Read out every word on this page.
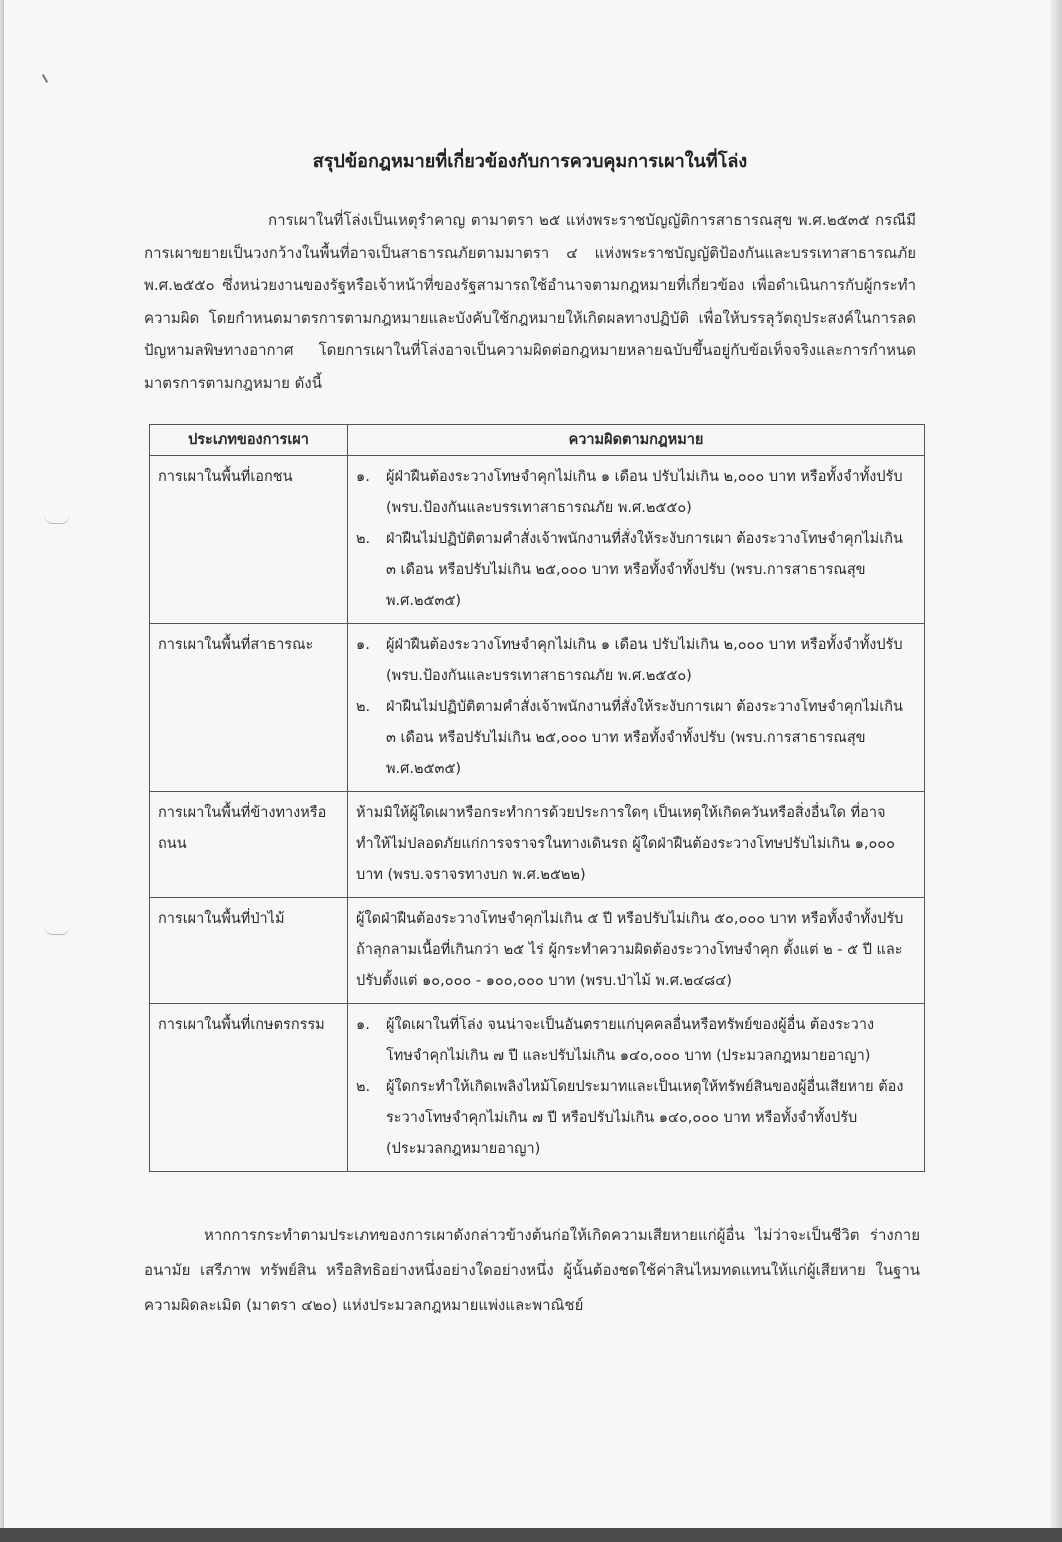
สรุปข้อกฎหมายที่เกี่ยวข้องกับการควบคุมการเผาในที่โล่ง

การเผาในที่โล่งเป็นเหตุรำคาญ ตามาตรา ๒๕ แห่งพระราชบัญญัติการสาธารณสุข พ.ศ.๒๕๓๕ กรณีมีการเผาขยายเป็นวงกว้างในพื้นที่อาจเป็นสาธารณภัยตามมาตรา ๔ แห่งพระราชบัญญัติป้องกันและบรรเทาสาธารณภัย พ.ศ.๒๕๕๐ ซึ่งหน่วยงานของรัฐหรือเจ้าหน้าที่ของรัฐสามารถใช้อำนาจตามกฎหมายที่เกี่ยวข้อง เพื่อดำเนินการกับผู้กระทำความผิด โดยกำหนดมาตรการตามกฎหมายและบังคับใช้กฎหมายให้เกิดผลทางปฏิบัติ เพื่อให้บรรลุวัตถุประสงค์ในการลดปัญหามลพิษทางอากาศ โดยการเผาในที่โล่งอาจเป็นความผิดต่อกฎหมายหลายฉบับขึ้นอยู่กับข้อเท็จจริงและการกำหนดมาตรการตามกฎหมาย ดังนี้

ประเภทของการเผา	ความผิดตามกฎหมาย
การเผาในพื้นที่เอกชน	๑. ผู้ฝ่าฝืนต้องระวางโทษจำคุกไม่เกิน ๑ เดือน ปรับไม่เกิน ๒,๐๐๐ บาท หรือทั้งจำทั้งปรับ (พรบ.ป้องกันและบรรเทาสาธารณภัย พ.ศ.๒๕๕๐)
๒. ฝ่าฝืนไม่ปฏิบัติตามคำสั่งเจ้าพนักงานที่สั่งให้ระงับการเผา ต้องระวางโทษจำคุกไม่เกิน ๓ เดือน หรือปรับไม่เกิน ๒๕,๐๐๐ บาท หรือทั้งจำทั้งปรับ (พรบ.การสาธารณสุข พ.ศ.๒๕๓๕)

การเผาในพื้นที่สาธารณะ	๑. ผู้ฝ่าฝืนต้องระวางโทษจำคุกไม่เกิน ๑ เดือน ปรับไม่เกิน ๒,๐๐๐ บาท หรือทั้งจำทั้งปรับ (พรบ.ป้องกันและบรรเทาสาธารณภัย พ.ศ.๒๕๕๐)
๒. ฝ่าฝืนไม่ปฏิบัติตามคำสั่งเจ้าพนักงานที่สั่งให้ระงับการเผา ต้องระวางโทษจำคุกไม่เกิน ๓ เดือน หรือปรับไม่เกิน ๒๕,๐๐๐ บาท หรือทั้งจำทั้งปรับ (พรบ.การสาธารณสุข พ.ศ.๒๕๓๕)

การเผาในพื้นที่ข้างทางหรือถนน	ห้ามมิให้ผู้ใดเผาหรือกระทำการด้วยประการใดๆ เป็นเหตุให้เกิดควันหรือสิ่งอื่นใด ที่อาจทำให้ไม่ปลอดภัยแก่การจราจรในทางเดินรถ ผู้ใดฝ่าฝืนต้องระวางโทษปรับไม่เกิน ๑,๐๐๐ บาท (พรบ.จราจรทางบก พ.ศ.๒๕๒๒)
การเผาในพื้นที่ป่าไม้	ผู้ใดฝ่าฝืนต้องระวางโทษจำคุกไม่เกิน ๕ ปี หรือปรับไม่เกิน ๕๐,๐๐๐ บาท หรือทั้งจำทั้งปรับ ถ้าลุกลามเนื้อที่เกินกว่า ๒๕ ไร่ ผู้กระทำความผิดต้องระวางโทษจำคุก ตั้งแต่ ๒ - ๕ ปี และปรับตั้งแต่ ๑๐,๐๐๐ - ๑๐๐,๐๐๐ บาท (พรบ.ป่าไม้ พ.ศ.๒๔๘๔)
การเผาในพื้นที่เกษตรกรรม	๑. ผู้ใดเผาในที่โล่ง จนน่าจะเป็นอันตรายแก่บุคคลอื่นหรือทรัพย์ของผู้อื่น ต้องระวางโทษจำคุกไม่เกิน ๗ ปี และปรับไม่เกิน ๑๔๐,๐๐๐ บาท (ประมวลกฎหมายอาญา)
๒. ผู้ใดกระทำให้เกิดเพลิงไหม้โดยประมาทและเป็นเหตุให้ทรัพย์สินของผู้อื่นเสียหาย ต้องระวางโทษจำคุกไม่เกิน ๗ ปี หรือปรับไม่เกิน ๑๔๐,๐๐๐ บาท หรือทั้งจำทั้งปรับ (ประมวลกฎหมายอาญา)

หากการกระทำตามประเภทของการเผาดังกล่าวข้างต้นก่อให้เกิดความเสียหายแก่ผู้อื่น ไม่ว่าจะเป็นชีวิต ร่างกาย อนามัย เสรีภาพ ทรัพย์สิน หรือสิทธิอย่างหนึ่งอย่างใดอย่างหนึ่ง ผู้นั้นต้องชดใช้ค่าสินไหมทดแทนให้แก่ผู้เสียหาย ในฐานความผิดละเมิด (มาตรา ๔๒๐) แห่งประมวลกฎหมายแพ่งและพาณิชย์
